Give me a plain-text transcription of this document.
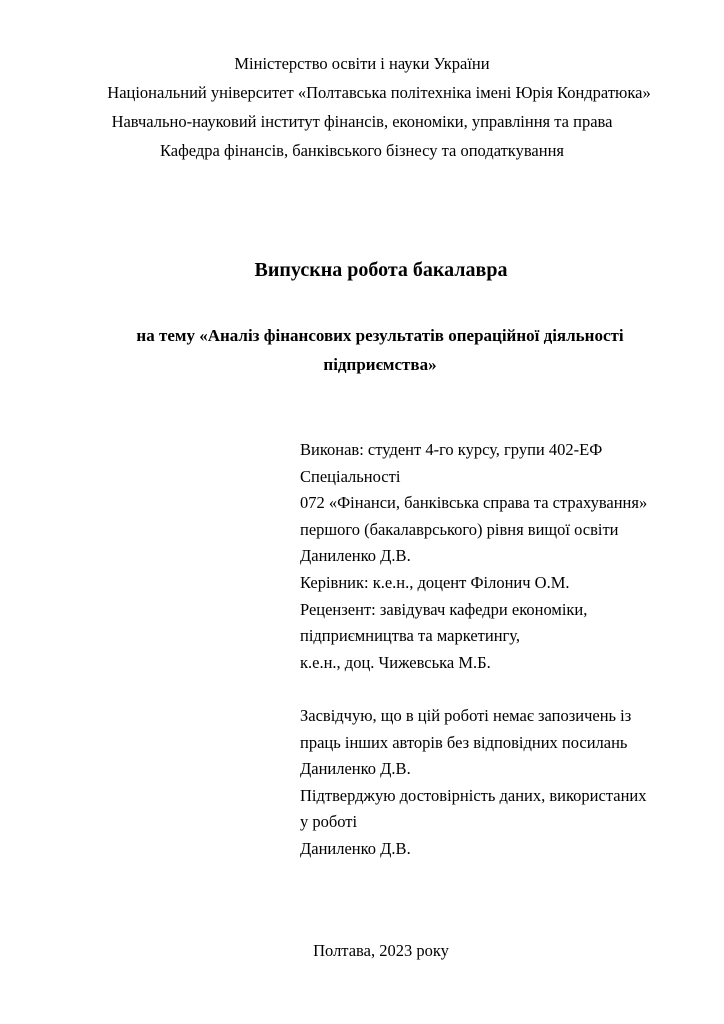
Міністерство освіти і науки України
Національний університет «Полтавська політехніка імені Юрія Кондратюка»
Навчально-науковий інститут фінансів, економіки, управління та права
Кафедра фінансів, банківського бізнесу та оподаткування
Випускна робота бакалавра
на тему «Аналіз фінансових результатів операційної діяльності
підприємства»
Виконав: студент 4-го курсу, групи 402-ЕФ
Спеціальності
072 «Фінанси, банківська справа та страхування»
першого (бакалаврського) рівня вищої освіти
Даниленко Д.В.
Керівник: к.е.н., доцент Філонич О.М.
Рецензент: завідувач кафедри економіки,
підприємництва та маркетингу,
к.е.н., доц. Чижевська М.Б.
Засвідчую, що в цій роботі немає запозичень із
праць інших авторів без відповідних посилань
Даниленко Д.В.
Підтверджую достовірність даних, використаних
у роботі
Даниленко Д.В.
Полтава, 2023 року
